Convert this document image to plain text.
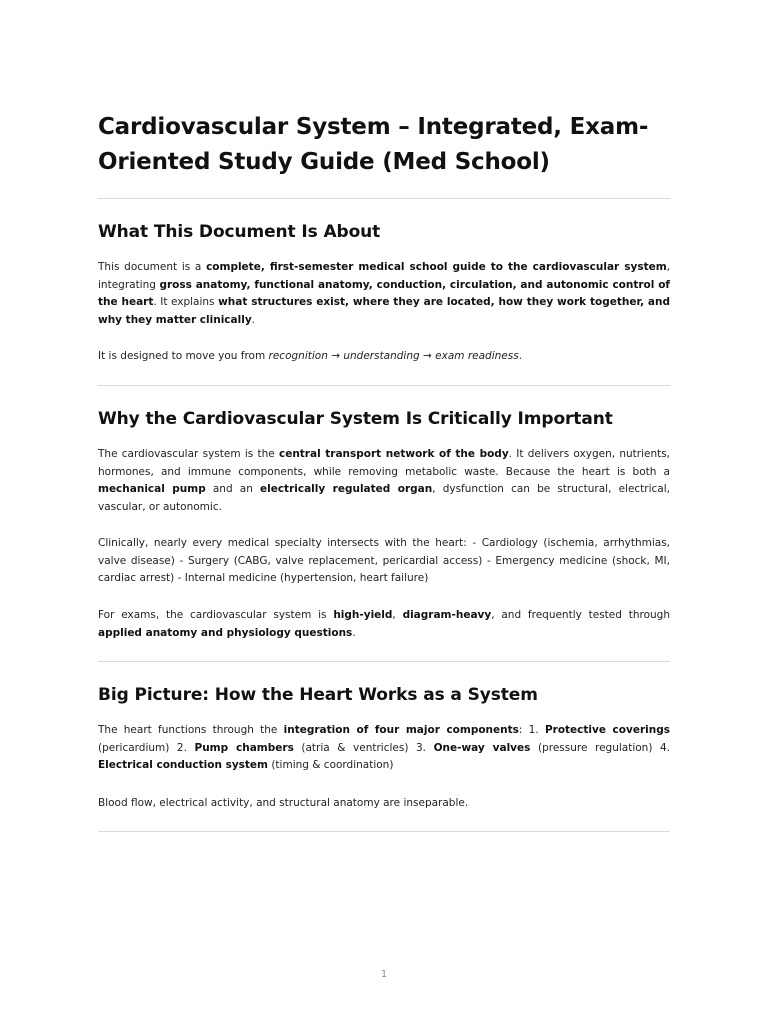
Cardiovascular System – Integrated, Exam-Oriented Study Guide (Med School)
What This Document Is About

This document is a complete, first-semester medical school guide to the cardiovascular system, integrating gross anatomy, functional anatomy, conduction, circulation, and autonomic control of the heart. It explains what structures exist, where they are located, how they work together, and why they matter clinically.

It is designed to move you from recognition → understanding → exam readiness.

Why the Cardiovascular System Is Critically Important

The cardiovascular system is the central transport network of the body. It delivers oxygen, nutrients, hormones, and immune components, while removing metabolic waste. Because the heart is both a mechanical pump and an electrically regulated organ, dysfunction can be structural, electrical, vascular, or autonomic.

Clinically, nearly every medical specialty intersects with the heart: - Cardiology (ischemia, arrhythmias, valve disease) - Surgery (CABG, valve replacement, pericardial access) - Emergency medicine (shock, MI, cardiac arrest) - Internal medicine (hypertension, heart failure)

For exams, the cardiovascular system is high-yield, diagram-heavy, and frequently tested through applied anatomy and physiology questions.

Big Picture: How the Heart Works as a System

The heart functions through the integration of four major components: 1. Protective coverings (pericardium) 2. Pump chambers (atria & ventricles) 3. One-way valves (pressure regulation) 4. Electrical conduction system (timing & coordination)

Blood flow, electrical activity, and structural anatomy are inseparable.

1
